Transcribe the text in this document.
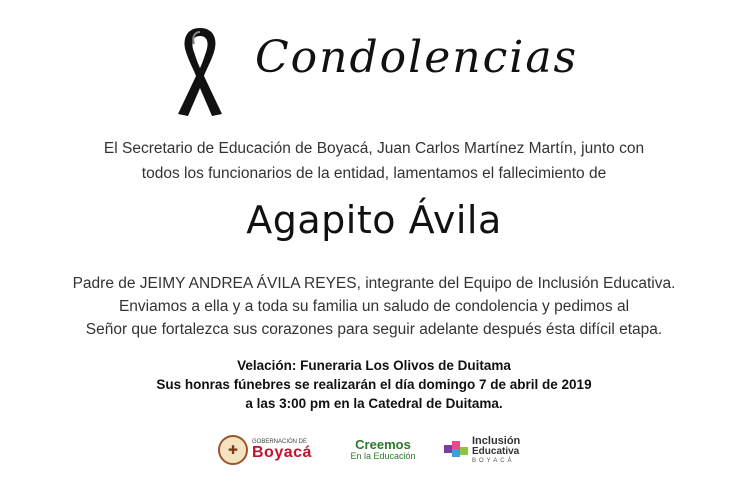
Condolencias
El Secretario de Educación de Boyacá, Juan Carlos Martínez Martín, junto con
todos los funcionarios de la entidad, lamentamos el fallecimiento de
Agapito Ávila
Padre de JEIMY ANDREA ÁVILA REYES, integrante del Equipo de Inclusión Educativa.
Enviamos a ella y a toda su familia un saludo de condolencia y pedimos al
Señor que fortalezca sus corazones para seguir adelante después ésta difícil etapa.
Velación: Funeraria Los Olivos de Duitama
Sus honras fúnebres se realizarán el día domingo 7 de abril de 2019
a las 3:00 pm en la Catedral de Duitama.
✚
GOBERNACIÓN DE
Boyacá	Creemos
En la Educación
Inclusión
Educativa
BOYACÁ
